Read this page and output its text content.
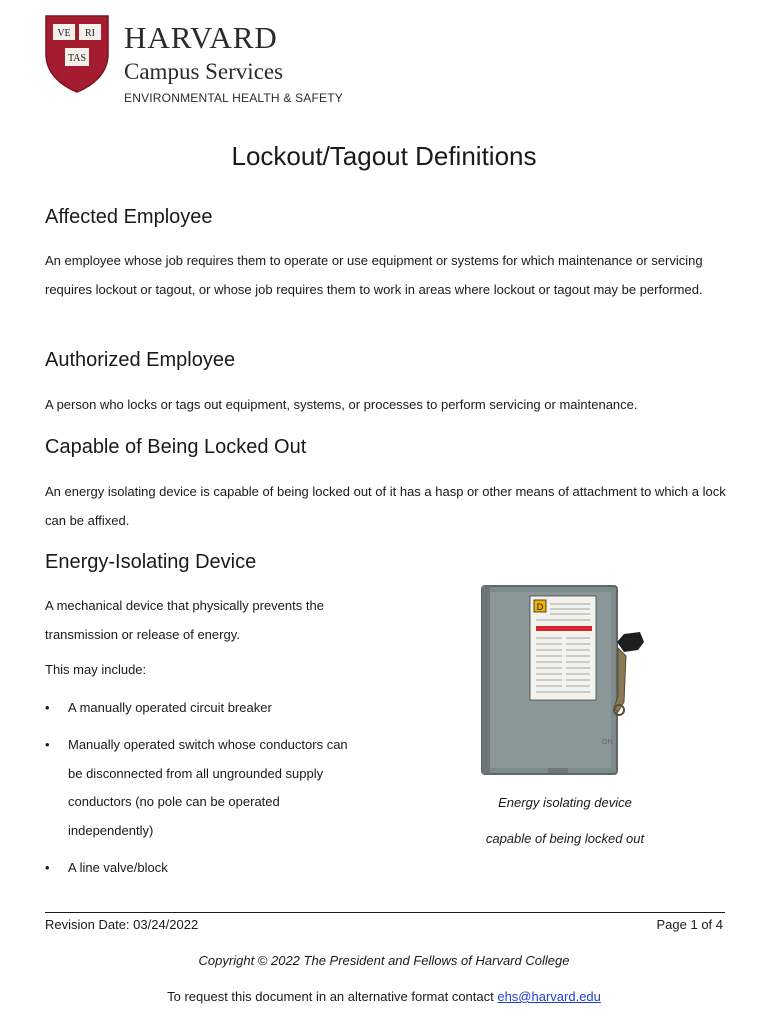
VE RI
TAS
HARVARD
Campus Services
ENVIRONMENTAL HEALTH & SAFETY
Lockout/Tagout Definitions
Affected Employee

An employee whose job requires them to operate or use equipment or systems for which maintenance or servicing requires lockout or tagout, or whose job requires them to work in areas where lockout or tagout may be performed.

Authorized Employee

A person who locks or tags out equipment, systems, or processes to perform servicing or maintenance.

Capable of Being Locked Out

An energy isolating device is capable of being locked out of it has a hasp or other means of attachment to which a lock can be affixed.

Energy-Isolating Device

A mechanical device that physically prevents the transmission or release of energy.

This may include:

• A manually operated circuit breaker
• Manually operated switch whose conductors can be disconnected from all ungrounded supply conductors (no pole can be operated independently)
• A line valve/block
D
ON
Energy isolating device
capable of being locked out
Revision Date: 03/24/2022	Page 1 of 4
Copyright © 2022 The President and Fellows of Harvard College
To request this document in an alternative format contact ehs@harvard.edu
